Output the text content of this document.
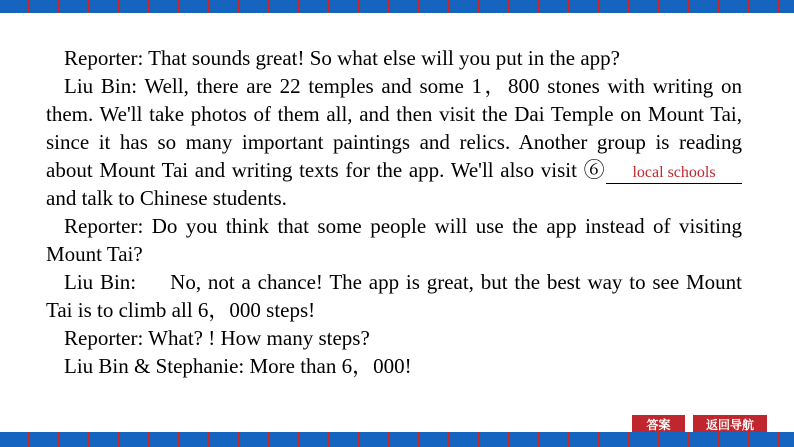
Reporter: That sounds great! So what else will you put in the app?

Liu Bin: Well, there are 22 temples and some 1，800 stones with writing on them. We'll take photos of them all, and then visit the Dai Temple on Mount Tai, since it has so many important paintings and relics. Another group is reading about Mount Tai and writing texts for the app. We'll also visit ⑥ local schools and talk to Chinese students.

Reporter: Do you think that some people will use the app instead of visiting Mount Tai?

Liu Bin:     No, not a chance! The app is great, but the best way to see Mount Tai is to climb all 6，000 steps!

Reporter: What? ! How many steps?

Liu Bin & Stephanie: More than 6，000!

答案	返回导航
